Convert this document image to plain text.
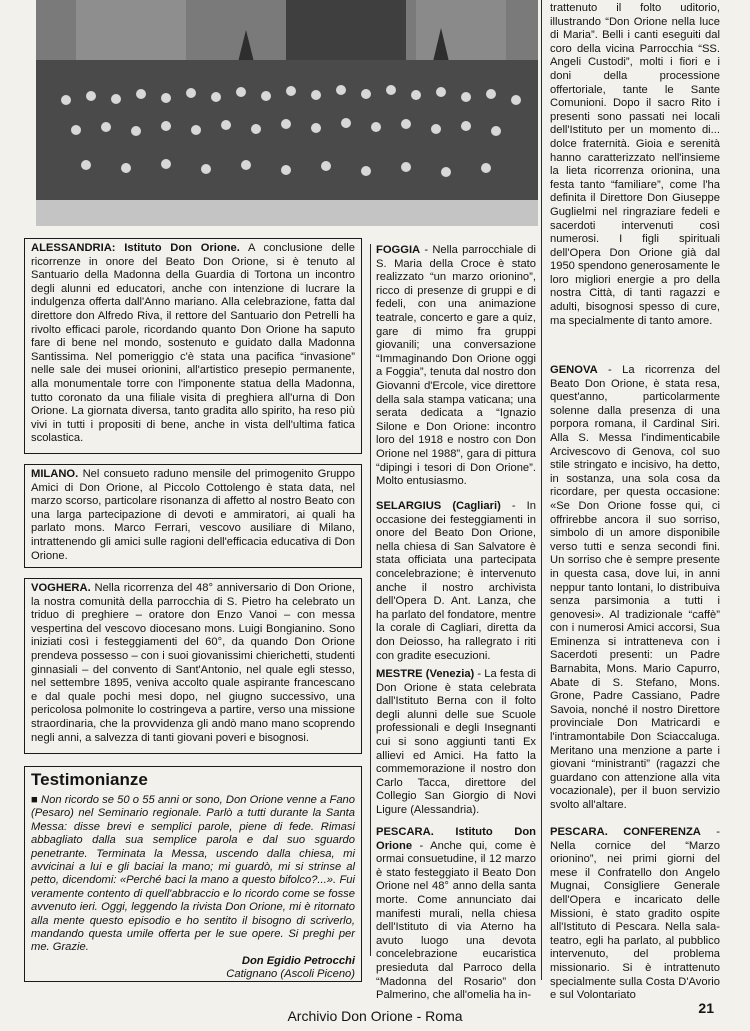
ALESSANDRIA: Istituto Don Orione. A conclusione delle ricorrenze in onore del Beato Don Orione, si è tenuto al Santuario della Madonna della Guardia di Tortona un incontro degli alunni ed educatori, anche con intenzione di lucrare la indulgenza offerta dall'Anno mariano. Alla celebrazione, fatta dal direttore don Alfredo Riva, il rettore del Santuario don Petrelli ha rivolto efficaci parole, ricordando quanto Don Orione ha saputo fare di bene nel mondo, sostenuto e guidato dalla Madonna Santissima. Nel pomeriggio c'è stata una pacifica “invasione” nelle sale dei musei orionini, all'artistico presepio permanente, alla monumentale torre con l'imponente statua della Madonna, tutto coronato da una filiale visita di preghiera all'urna di Don Orione. La giornata diversa, tanto gradita allo spirito, ha reso più vivi in tutti i propositi di bene, anche in vista dell'ultima fatica scolastica.

MILANO. Nel consueto raduno mensile del primogenito Gruppo Amici di Don Orione, al Piccolo Cottolengo è stata data, nel marzo scorso, particolare risonanza di affetto al nostro Beato con una larga partecipazione di devoti e ammiratori, ai quali ha parlato mons. Marco Ferrari, vescovo ausiliare di Milano, intrattenendo gli amici sulle ragioni dell'efficacia educativa di Don Orione.

VOGHERA. Nella ricorrenza del 48° anniversario di Don Orione, la nostra comunità della parrocchia di S. Pietro ha celebrato un triduo di preghiere – oratore don Enzo Vanoi – con messa vespertina del vescovo diocesano mons. Luigi Bongianino. Sono iniziati così i festeggiamenti del 60°, da quando Don Orione prendeva possesso – con i suoi giovanissimi chierichetti, studenti ginnasiali – del convento di Sant'Antonio, nel quale egli stesso, nel settembre 1895, veniva accolto quale aspirante francescano e dal quale pochi mesi dopo, nel giugno successivo, una pericolosa polmonite lo costringeva a partire, verso una missione straordinaria, che la provvidenza gli andò mano mano scoprendo negli anni, a salvezza di tanti giovani poveri e bisognosi.

Testimonianze

■ Non ricordo se 50 o 55 anni or sono, Don Orione venne a Fano (Pesaro) nel Seminario regionale. Parlò a tutti durante la Santa Messa: disse brevi e semplici parole, piene di fede. Rimasi abbagliato dalla sua semplice parola e dal suo sguardo penetrante. Terminata la Messa, uscendo dalla chiesa, mi avvicinai a lui e gli baciai la mano; mi guardò, mi si strinse al petto, dicendomi: «Perché baci la mano a questo bifolco?...». Fui veramente contento di quell'abbraccio e lo ricordo come se fosse avvenuto ieri. Oggi, leggendo la rivista Don Orione, mi è ritornato alla mente questo episodio e ho sentito il bisogno di scriverlo, mandando questa umile offerta per le sue opere. Si preghi per me. Grazie.

Don Egidio Petrocchi

Catignano (Ascoli Piceno)

FOGGIA - Nella parrocchiale di S. Maria della Croce è stato realizzato “un marzo orionino”, ricco di presenze di gruppi e di fedeli, con una animazione teatrale, concerto e gare a quiz, gare di mimo fra gruppi giovanili; una conversazione “Immaginando Don Orione oggi a Foggia”, tenuta dal nostro don Giovanni d'Ercole, vice direttore della sala stampa vaticana; una serata dedicata a “Ignazio Silone e Don Orione: incontro loro del 1918 e nostro con Don Orione nel 1988”, gara di pittura “dipingi i tesori di Don Orione”. Molto entusiasmo.

SELARGIUS (Cagliari) - In occasione dei festeggiamenti in onore del Beato Don Orione, nella chiesa di San Salvatore è stata officiata una partecipata concelebrazione; è intervenuto anche il nostro archivista dell'Opera D. Ant. Lanza, che ha parlato del fondatore, mentre la corale di Cagliari, diretta da don Deiosso, ha rallegrato i riti con gradite esecuzioni.

MESTRE (Venezia) - La festa di Don Orione è stata celebrata dall'Istituto Berna con il folto degli alunni delle sue Scuole professionali e degli Insegnanti cui si sono aggiunti tanti Ex allievi ed Amici. Ha fatto la commemorazione il nostro don Carlo Tacca, direttore del Collegio San Giorgio di Novi Ligure (Alessandria).

PESCARA. Istituto Don Orione - Anche qui, come è ormai consuetudine, il 12 marzo è stato festeggiato il Beato Don Orione nel 48° anno della santa morte. Come annunciato dai manifesti murali, nella chiesa dell'Istituto di via Aterno ha avuto luogo una devota concelebrazione eucaristica presieduta dal Parroco della “Madonna del Rosario” don Palmerino, che all'omelia ha in-

trattenuto il folto uditorio, illustrando “Don Orione nella luce di Maria”. Belli i canti eseguiti dal coro della vicina Parrocchia “SS. Angeli Custodi”, molti i fiori e i doni della processione offertoriale, tante le Sante Comunioni. Dopo il sacro Rito i presenti sono passati nei locali dell'Istituto per un momento di... dolce fraternità. Gioia e serenità hanno caratterizzato nell'insieme la lieta ricorrenza orionina, una festa tanto “familiare”, come l'ha definita il Direttore Don Giuseppe Guglielmi nel ringraziare fedeli e sacerdoti intervenuti così numerosi. I figli spirituali dell'Opera Don Orione già dal 1950 spendono generosamente le loro migliori energie a pro della nostra Città, di tanti ragazzi e adulti, bisognosi spesso di cure, ma specialmente di tanto amore.

GENOVA - La ricorrenza del Beato Don Orione, è stata resa, quest'anno, particolarmente solenne dalla presenza di una porpora romana, il Cardinal Siri. Alla S. Messa l'indimenticabile Arcivescovo di Genova, col suo stile stringato e incisivo, ha detto, in sostanza, una sola cosa da ricordare, per questa occasione: «Se Don Orione fosse qui, ci offrirebbe ancora il suo sorriso, simbolo di un amore disponibile verso tutti e senza secondi fini. Un sorriso che è sempre presente in questa casa, dove lui, in anni neppur tanto lontani, lo distribuiva senza parsimonia a tutti i genovesi». Al tradizionale “caffè” con i numerosi Amici accorsi, Sua Eminenza si intratteneva con i Sacerdoti presenti: un Padre Barnabita, Mons. Mario Capurro, Abate di S. Stefano, Mons. Grone, Padre Cassiano, Padre Savoia, nonché il nostro Direttore provinciale Don Matricardi e l'intramontabile Don Sciaccaluga. Meritano una menzione a parte i giovani “ministranti” (ragazzi che guardano con attenzione alla vita vocazionale), per il buon servizio svolto all'altare.

PESCARA. CONFERENZA - Nella cornice del “Marzo orionino”, nei primi giorni del mese il Confratello don Angelo Mugnai, Consigliere Generale dell'Opera e incaricato delle Missioni, è stato gradito ospite all'Istituto di Pescara. Nella sala-teatro, egli ha parlato, al pubblico intervenuto, del problema missionario. Si è intrattenuto specialmente sulla Costa D'Avorio e sul Volontariato

21
Archivio Don Orione - Roma
